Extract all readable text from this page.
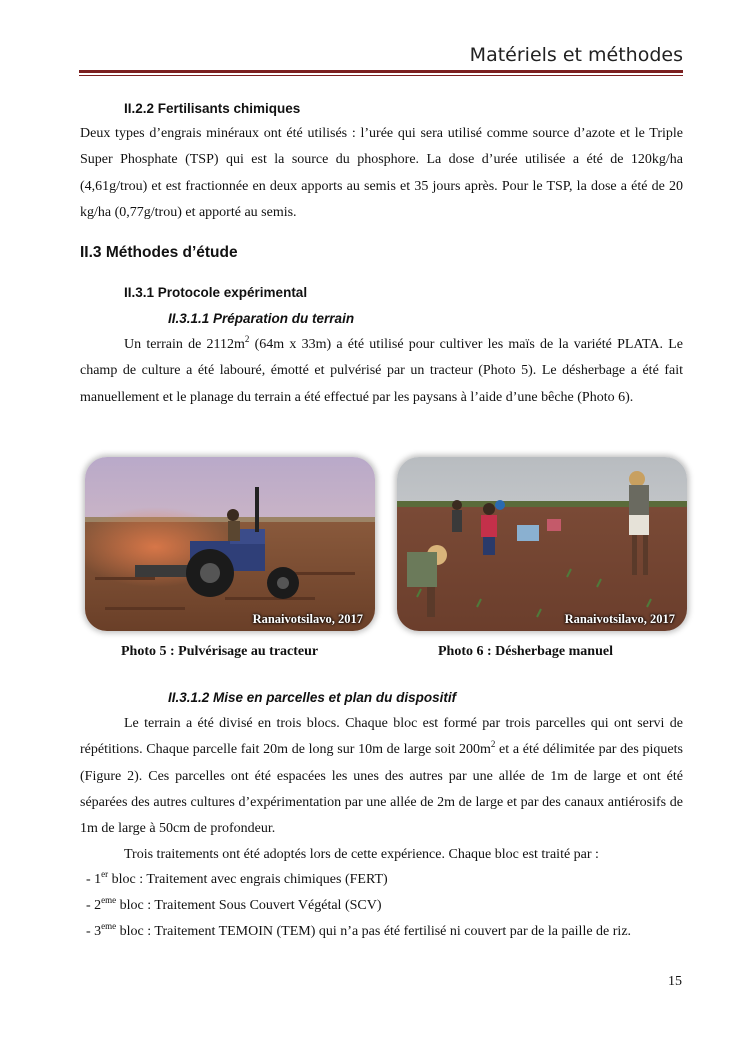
Matériels et méthodes
II.2.2 Fertilisants chimiques

Deux types d’engrais minéraux ont été utilisés : l’urée qui sera utilisé comme source d’azote et le Triple Super Phosphate (TSP) qui est la source du phosphore. La dose d’urée utilisée a été de 120kg/ha (4,61g/trou) et est fractionnée en deux apports au semis et 35 jours après. Pour le TSP, la dose a été de 20 kg/ha (0,77g/trou) et apporté au semis.

II.3 Méthodes d’étude
II.3.1 Protocole expérimental
II.3.1.1 Préparation du terrain

Un terrain de $2112m^2$ (64m x 33m) a été utilisé pour cultiver les maïs de la variété PLATA. Le champ de culture a été labouré, émotté et pulvérisé par un tracteur (Photo 5). Le désherbage a été fait manuellement et le planage du terrain a été effectué par les paysans à l’aide d’une bêche (Photo 6).

Ranaivotsilavo, 2017	Ranaivotsilavo, 2017
Photo 5 : Pulvérisage au tracteur	Photo 6 : Désherbage manuel
II.3.1.2 Mise en parcelles et plan du dispositif

Le terrain a été divisé en trois blocs. Chaque bloc est formé par trois parcelles qui ont servi de répétitions. Chaque parcelle fait 20m de long sur 10m de large soit $200m^2$ et a été délimitée par des piquets (Figure 2). Ces parcelles ont été espacées les unes des autres par une allée de 1m de large et ont été séparées des autres cultures d’expérimentation par une allée de 2m de large et par des canaux antiérosifs de 1m de large à 50cm de profondeur.

Trois traitements ont été adoptés lors de cette expérience. Chaque bloc est traité par :

- 1er bloc : Traitement avec engrais chimiques (FERT)
- 2eme bloc : Traitement Sous Couvert Végétal (SCV)
- 3eme bloc : Traitement TEMOIN (TEM) qui n’a pas été fertilisé ni couvert par de la paille de riz.
15
